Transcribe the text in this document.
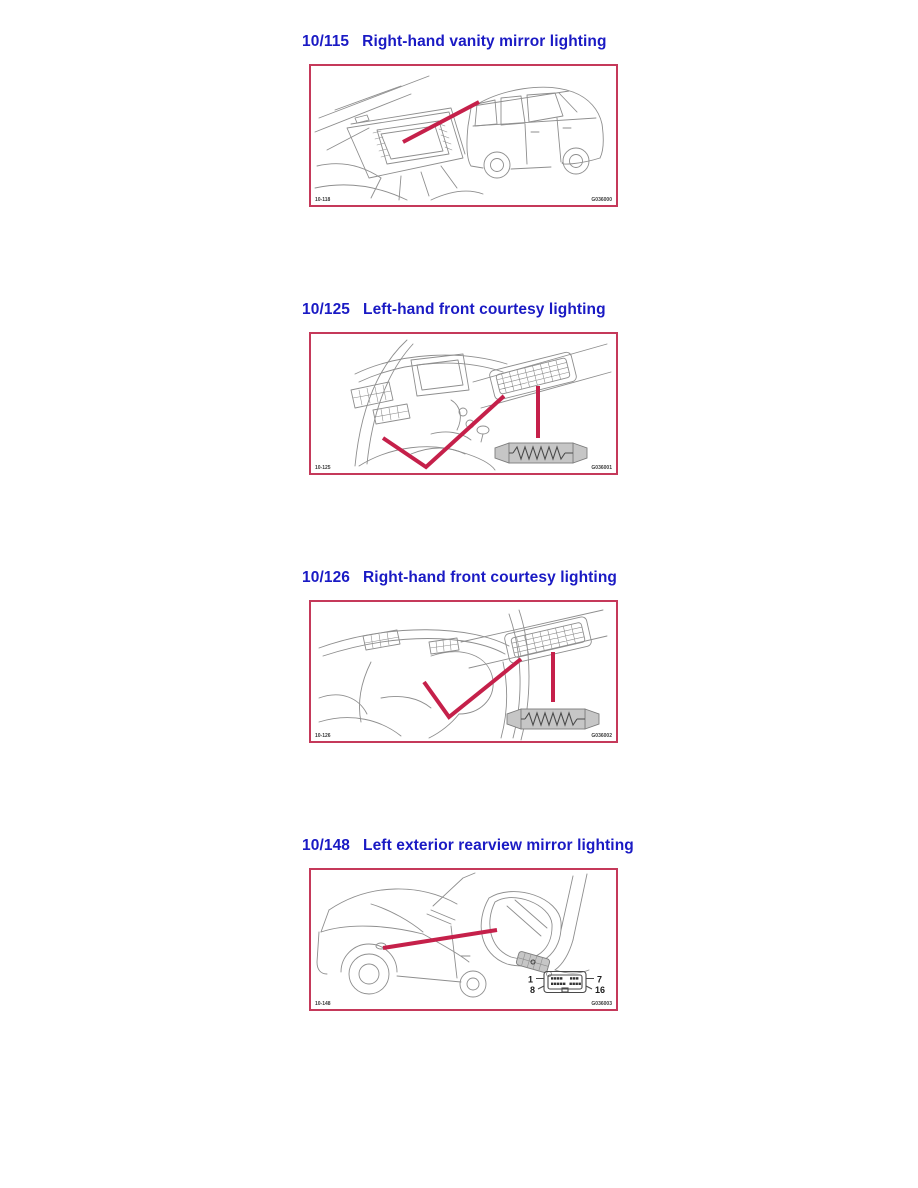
10/115 Right-hand vanity mirror lighting
10-118	G036000
10/125 Left-hand front courtesy lighting
10-125	G036001
10/126 Right-hand front courtesy lighting
10-126	G036002
10/148 Left exterior rearview mirror lighting
1	7
8	16
10-148	G036003
